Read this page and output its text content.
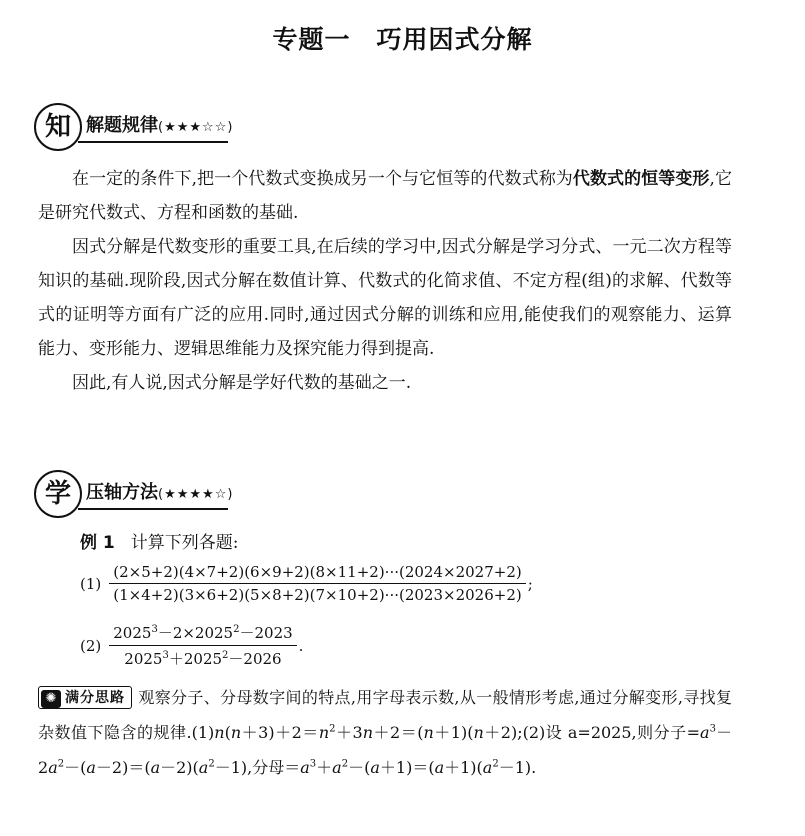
专题一 巧用因式分解
知 解题规律(★★★☆☆)

在一定的条件下,把一个代数式变换成另一个与它恒等的代数式称为代数式的恒等变形,它是研究代数式、方程和函数的基础.

因式分解是代数变形的重要工具,在后续的学习中,因式分解是学习分式、一元二次方程等知识的基础.现阶段,因式分解在数值计算、代数式的化简求值、不定方程(组)的求解、代数等式的证明等方面有广泛的应用.同时,通过因式分解的训练和应用,能使我们的观察能力、运算能力、变形能力、逻辑思维能力及探究能力得到提高.

因此,有人说,因式分解是学好代数的基础之一.

学 压轴方法(★★★★☆)
例 1 计算下列各题:
$(1) \frac{(2\times 5+2)(4\times 7+2)(6\times 9+2)(8\times 11+2)\cdot\cdot\cdot(2024\times 2027+2)}{(1\times 4+2)(3\times 6+2)(5\times 8+2)(7\times 10+2)\cdot\cdot\cdot(2023\times 2026+2)}$ ;
$(2) \frac{2025^3-2\times 2025^2-2023}{2025^3+2025^2-2026}$ .
✺ 满分思路 观察分子、分母数字间的特点,用字母表示数,从一般情形考虑,通过分解变形,寻找复杂数值下隐含的规律$.(1)n(n+3)+2=n^2+3n+2=(n+1)(n+2);(2)$设 a=2025,则分子$=a^3-2a^2-(a-2)=(a-2)(a^2-1)$,分母$=a^3+a^2-(a+1)=(a+1)(a^2-1)$.
